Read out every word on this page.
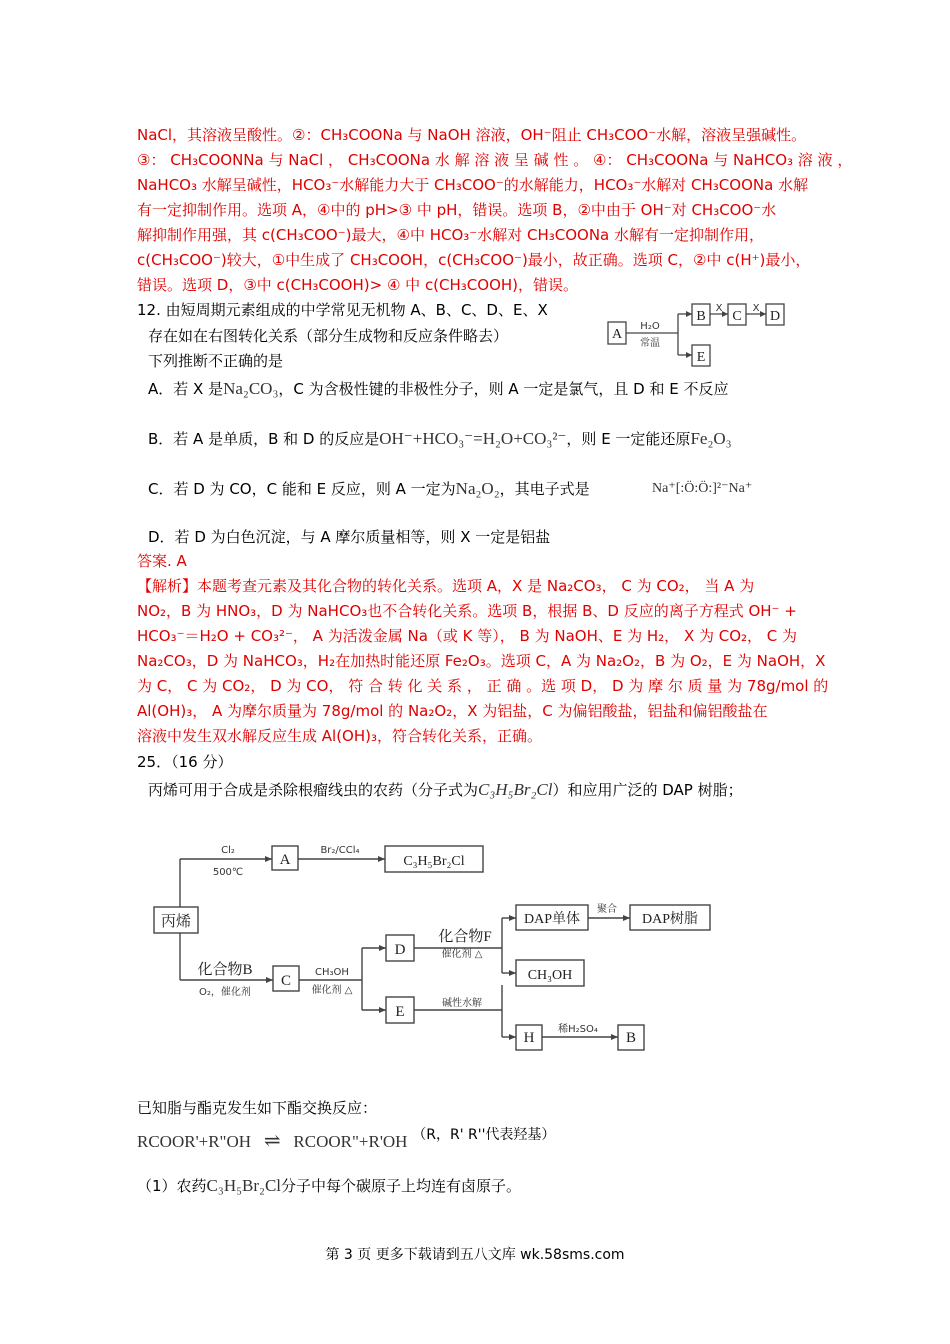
NaCl，其溶液呈酸性。②：CH₃COONa 与 NaOH 溶液，OH⁻阻止 CH₃COO⁻水解，溶液呈强碱性。
③： CH₃COONNa 与 NaCl ， CH₃COONa 水 解 溶 液 呈 碱 性 。 ④： CH₃COONa 与 NaHCO₃ 溶 液 ，
NaHCO₃ 水解呈碱性，HCO₃⁻水解能力大于 CH₃COO⁻的水解能力，HCO₃⁻水解对 CH₃COONa 水解
有一定抑制作用。选项 A，④中的 pH>③ 中 pH，错误。选项 B，②中由于 OH⁻对 CH₃COO⁻水
解抑制作用强，其 c(CH₃COO⁻)最大，④中 HCO₃⁻水解对 CH₃COONa 水解有一定抑制作用，
c(CH₃COO⁻)较大，①中生成了 CH₃COOH，c(CH₃COO⁻)最小，故正确。选项 C，②中 c(H⁺)最小，
错误。选项 D，③中 c(CH₃COOH)> ④ 中 c(CH₃COOH)，错误。
12. 由短周期元素组成的中学常见无机物 A、B、C、D、E、X
存在如在右图转化关系（部分生成物和反应条件略去）
下列推断不正确的是
A
B
E
C D
H₂O
常温
X	X
A．若 X 是Na₂CO₃，C 为含极性键的非极性分子，则 A 一定是氯气，且 D 和 E 不反应
B．若 A 是单质，B 和 D 的反应是OH⁻+HCO₃⁻=H₂O+CO₃²⁻，则 E 一定能还原Fe₂O₃
C．若 D 为 CO，C 能和 E 反应，则 A 一定为Na₂O₂，其电子式是	Na⁺[:Ö:Ö:]²⁻Na⁺
D．若 D 为白色沉淀，与 A 摩尔质量相等，则 X 一定是铝盐
答案. A
【解析】本题考查元素及其化合物的转化关系。选项 A，X 是 Na₂CO₃， C 为 CO₂， 当 A 为
NO₂，B 为 HNO₃，D 为 NaHCO₃也不合转化关系。选项 B，根据 B、D 反应的离子方程式 OH⁻ +
HCO₃⁻＝H₂O + CO₃²⁻， A 为活泼金属 Na（或 K 等）， B 为 NaOH、E 为 H₂， X 为 CO₂， C 为
Na₂CO₃，D 为 NaHCO₃，H₂在加热时能还原 Fe₂O₃。选项 C，A 为 Na₂O₂，B 为 O₂，E 为 NaOH，X
为 C， C 为 CO₂， D 为 CO， 符 合 转 化 关 系 ， 正 确 。选 项 D， D 为 摩 尔 质 量 为 78g/mol 的
Al(OH)₃， A 为摩尔质量为 78g/mol 的 Na₂O₂，X 为铝盐，C 为偏铝酸盐，铝盐和偏铝酸盐在
溶液中发生双水解反应生成 Al(OH)₃，符合转化关系，正确。
25．（16 分）
丙烯可用于合成是杀除根瘤线虫的农药（分子式为C₃H₅Br₂Cl）和应用广泛的 DAP 树脂；
丙烯
A	C₃H₅Br₂Cl
C
D
E
DAP单体	DAP树脂
CH₃OH
H	B
化合物B
化合物F
Cl₂
500℃
Br₂/CCl₄
O₂，催化剂
CH₃OH
催化剂 △
催化剂 △
聚合
碱性水解
稀H₂SO₄
已知脂与酯克发生如下酯交换反应：
RCOOR'+R"OH ⇌ RCOOR"+R'OH （R，R' R''代表羟基）
（1）农药C₃H₅Br₂Cl分子中每个碳原子上均连有卤原子。
第 3 页 更多下载请到五八文库 wk.58sms.com
